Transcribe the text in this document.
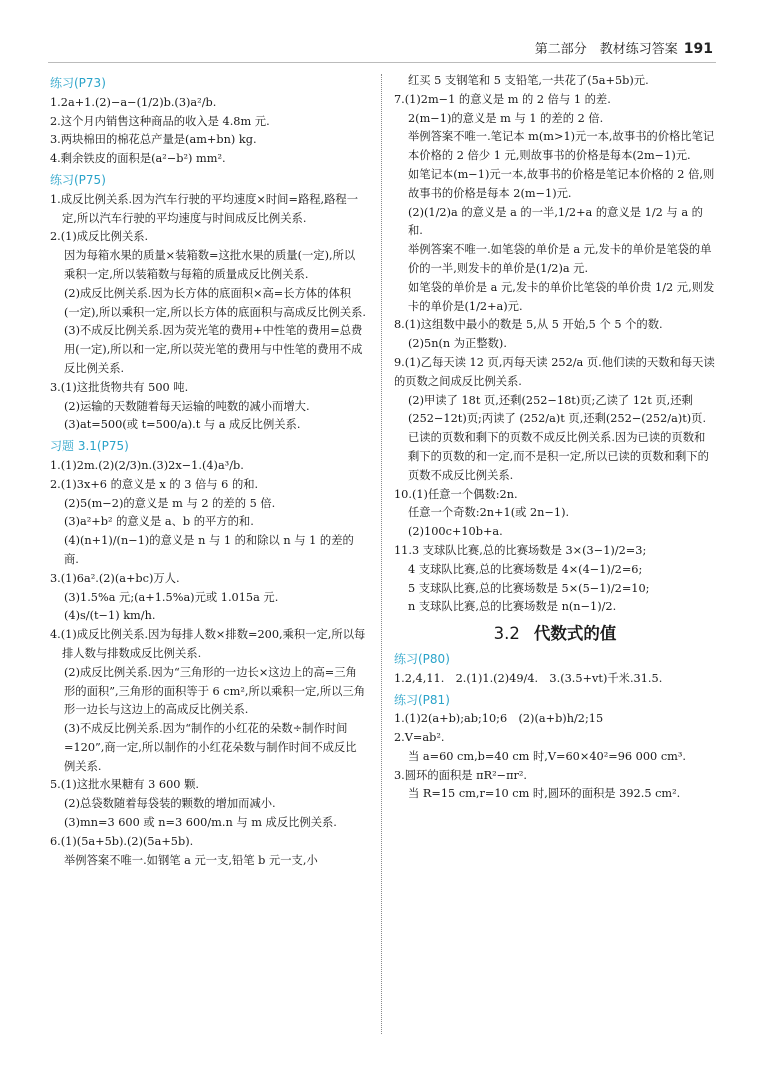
第二部分　教材练习答案 191
练习(P73)
1.2a+1.(2)−a−(1/2)b.(3)a²/b.
2.这个月内销售这种商品的收入是 4.8m 元.
3.两块棉田的棉花总产量是(am+bn) kg.
4.剩余铁皮的面积是(a²−b²) mm².
练习(P75)
1.成反比例关系.因为汽车行驶的平均速度×时间=路程,路程一定,所以汽车行驶的平均速度与时间成反比例关系.
2.(1)成反比例关系.
因为每箱水果的质量×装箱数=这批水果的质量(一定),所以乘积一定,所以装箱数与每箱的质量成反比例关系.
(2)成反比例关系.因为长方体的底面积×高=长方体的体积(一定),所以乘积一定,所以长方体的底面积与高成反比例关系.
(3)不成反比例关系.因为荧光笔的费用+中性笔的费用=总费用(一定),所以和一定,所以荧光笔的费用与中性笔的费用不成反比例关系.
3.(1)这批货物共有 500 吨.
(2)运输的天数随着每天运输的吨数的减小而增大.
(3)at=500(或 t=500/a).t 与 a 成反比例关系.
习题 3.1(P75)
1.(1)2m.(2)(2/3)n.(3)2x−1.(4)a³/b.
2.(1)3x+6 的意义是 x 的 3 倍与 6 的和.
(2)5(m−2)的意义是 m 与 2 的差的 5 倍.
(3)a²+b² 的意义是 a、b 的平方的和.
(4)(n+1)/(n−1)的意义是 n 与 1 的和除以 n 与 1 的差的商.
3.(1)6a².(2)(a+bc)万人.
(3)1.5%a 元;(a+1.5%a)元或 1.015a 元.
(4)s/(t−1) km/h.
4.(1)成反比例关系.因为每排人数×排数=200,乘积一定,所以每排人数与排数成反比例关系.
(2)成反比例关系.因为“三角形的一边长×这边上的高=三角形的面积”,三角形的面积等于 6 cm²,所以乘积一定,所以三角形一边长与这边上的高成反比例关系.
(3)不成反比例关系.因为“制作的小红花的朵数÷制作时间=120”,商一定,所以制作的小红花朵数与制作时间不成反比例关系.
5.(1)这批水果糖有 3 600 颗.
(2)总袋数随着每袋装的颗数的增加而减小.
(3)mn=3 600 或 n=3 600/m.n 与 m 成反比例关系.
6.(1)(5a+5b).(2)(5a+5b).
举例答案不唯一.如钢笔 a 元一支,铅笔 b 元一支,小
红买 5 支钢笔和 5 支铅笔,一共花了(5a+5b)元.
7.(1)2m−1 的意义是 m 的 2 倍与 1 的差.
2(m−1)的意义是 m 与 1 的差的 2 倍.
举例答案不唯一.笔记本 m(m>1)元一本,故事书的价格比笔记本价格的 2 倍少 1 元,则故事书的价格是每本(2m−1)元.
如笔记本(m−1)元一本,故事书的价格是笔记本价格的 2 倍,则故事书的价格是每本 2(m−1)元.
(2)(1/2)a 的意义是 a 的一半,1/2+a 的意义是 1/2 与 a 的和.
举例答案不唯一.如笔袋的单价是 a 元,发卡的单价是笔袋的单价的一半,则发卡的单价是(1/2)a 元.
如笔袋的单价是 a 元,发卡的单价比笔袋的单价贵 1/2 元,则发卡的单价是(1/2+a)元.
8.(1)这组数中最小的数是 5,从 5 开始,5 个 5 个的数.
(2)5n(n 为正整数).
9.(1)乙每天读 12 页,丙每天读 252/a 页.他们读的天数和每天读的页数之间成反比例关系.
(2)甲读了 18t 页,还剩(252−18t)页;乙读了 12t 页,还剩(252−12t)页;丙读了 (252/a)t 页,还剩(252−(252/a)t)页.
已读的页数和剩下的页数不成反比例关系.因为已读的页数和剩下的页数的和一定,而不是积一定,所以已读的页数和剩下的页数不成反比例关系.
10.(1)任意一个偶数:2n.
任意一个奇数:2n+1(或 2n−1).
(2)100c+10b+a.
11.3 支球队比赛,总的比赛场数是 3×(3−1)/2=3;
4 支球队比赛,总的比赛场数是 4×(4−1)/2=6;
5 支球队比赛,总的比赛场数是 5×(5−1)/2=10;
n 支球队比赛,总的比赛场数是 n(n−1)/2.
3.2 代数式的值
练习(P80)
1.2,4,11.　2.(1)1.(2)49/4.　3.(3.5+vt)千米.31.5.
练习(P81)
1.(1)2(a+b);ab;10;6　(2)(a+b)h/2;15
2.V=ab².
当 a=60 cm,b=40 cm 时,V=60×40²=96 000 cm³.
3.圆环的面积是 πR²−πr².
当 R=15 cm,r=10 cm 时,圆环的面积是 392.5 cm².
